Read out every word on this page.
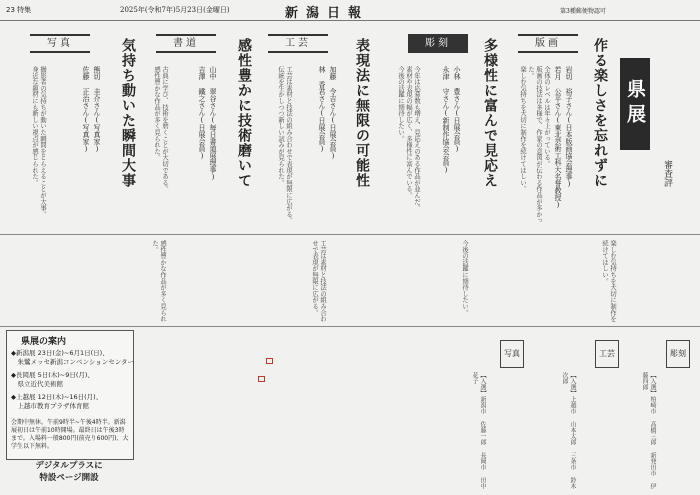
23 特集	2025年(令和7年)5月23日(金曜日)	新潟日報	第3種郵便物認可
版画	作る楽しさを忘れずに
岩切 裕子さん(日本版画協会理事)
若月 公平さん(東北芸術工科大名誉教授)
全体のレベルは年々上がっている。
版画の技法は多様で、作家の意図が伝わる作品が多かった。
楽しむ気持ちを大切に制作を続けてほしい。
彫刻	多様性に富んで見応え
小林 豊さん(日展会員)
永津 守さん(新制作協会会員)
今年は応募数も増え、見応えのある作品が並んだ。
素材や表現の幅が広く、多様性に富んでいる。
今後の活躍に期待したい。
工芸	表現法に無限の可能性
加藤 令吉さん(日展会員)
林 香君さん(日展会員)
工芸は素材と技法の組み合わせで表現が無限に広がる。
伝統を生かしつつ新しい試みが見られた。
書道	感性豊かに技術磨いて
山中 翠谷さん(毎日書道展理事)
吉澤 鐵之さん(日展会員)
古典に学び、技術を磨くことが大切である。
感性豊かな作品が多く見られた。
写真	気持ち動いた瞬間大事
熊切 圭介さん(写真家)
佐藤 正治さん(写真家)
撮影者の気持ちが動いた瞬間をとらえることが大事。
身近な題材にも新しい視点が感じられた。	県展
審査評
感性豊かな作品が多く見られた。	工芸は素材と技法の組み合わせで表現が無限に広がる。	今後の活躍に期待したい。	楽しむ気持ちを大切に制作を続けてほしい。
県展の案内
◆新潟展 23日(金)~6月1日(日)、
　朱鷺メッセ新潟コンベンションセンター
◆長岡展 5日(木)~9日(月)、
　県立近代美術館
◆上越展 12日(木)~16日(月)、
　上越市教育プラザ体育館
会期中無休。午前9時半~午後4時半。新潟展初日は午前10時開場。最終日は午後3時まで。入場料一般800円(前売り600円)、大学生以下無料。
デジタルプラスに
特設ページ開設
写真	工芸	彫刻
【入選】新潟市 佐藤一郎 長岡市 田中花子	【入選】上越市 山本太郎 三条市 鈴木次郎	【入選】柏崎市 高橋三郎 新発田市 伊藤四郎
